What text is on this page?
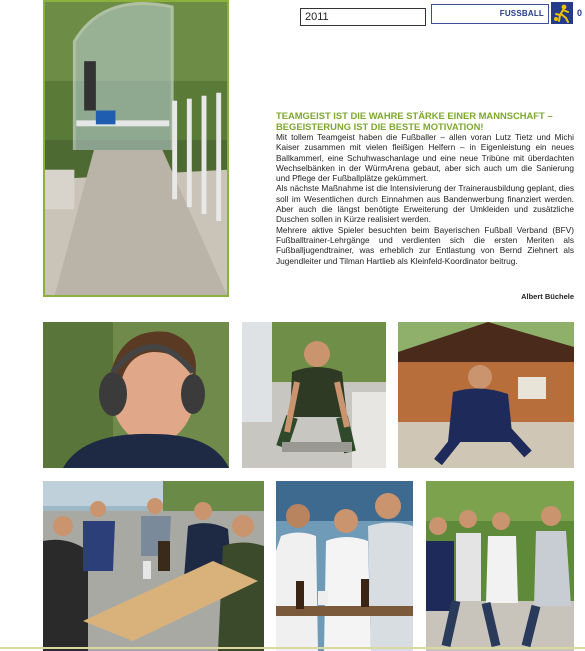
2011	FUSSBALL	0
TEAMGEIST IST DIE WAHRE STÄRKE EINER MANNSCHAFT –
BEGEISTERUNG IST DIE BESTE MOTIVATION!

Mit tollem Teamgeist haben die Fußballer – allen voran Lutz Tietz und Michi Kaiser zusammen mit vielen fleißigen Helfern – in Eigenleistung ein neues Ballkammerl, eine Schuhwaschanlage und eine neue Tribüne mit überdachten Wechselbänken in der WürmArena gebaut, aber sich auch um die Sanierung und Pflege der Fußballplätze gekümmert.

Als nächste Maßnahme ist die Intensivierung der Trainerausbildung geplant, dies soll im Wesentlichen durch Einnahmen aus Bandenwerbung finanziert werden. Aber auch die längst benötigte Erweiterung der Umkleiden und zusätzliche Duschen sollen in Kürze realisiert werden.

Mehrere aktive Spieler besuchten beim Bayerischen Fußball Verband (BFV) Fußballtrainer-Lehrgänge und verdienten sich die ersten Meriten als Fußballjugendtrainer, was erheblich zur Entlastung von Bernd Ziehnert als Jugendleiter und Tilman Hartlieb als Kleinfeld-Koordinator beitrug.

Albert Büchele
